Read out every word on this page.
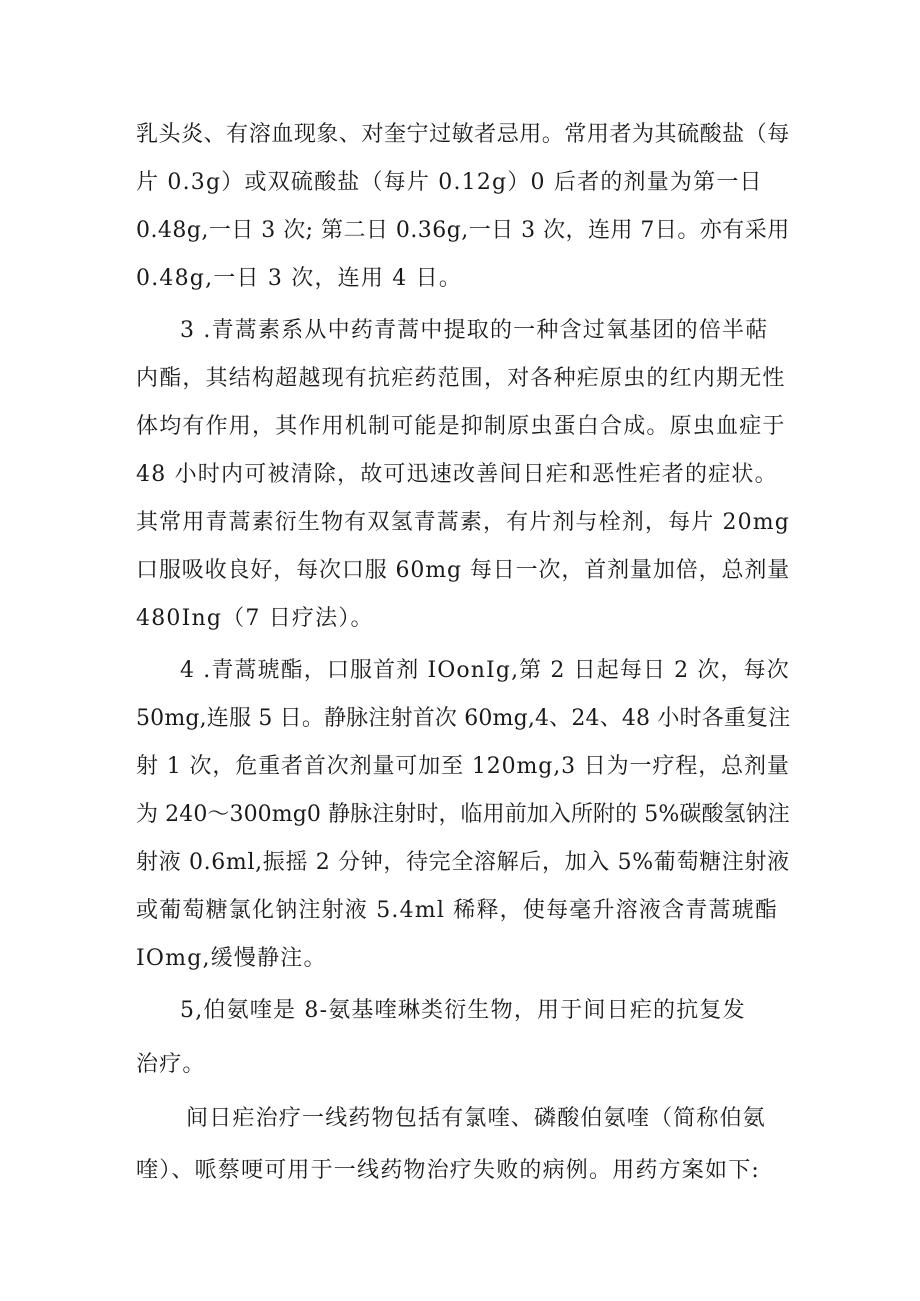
乳头炎、有溶血现象、对奎宁过敏者忌用。常用者为其硫酸盐（每
片 0.3g）或双硫酸盐（每片 0.12g）0 后者的剂量为第一日
0.48g,一日 3 次; 第二日 0.36g,一日 3 次，连用 7日。亦有采用
0.48g,一日 3 次，连用 4 日。
3 .青蒿素系从中药青蒿中提取的一种含过氧基团的倍半萜
内酯，其结构超越现有抗疟药范围，对各种疟原虫的红内期无性
体均有作用，其作用机制可能是抑制原虫蛋白合成。原虫血症于
48 小时内可被清除，故可迅速改善间日疟和恶性疟者的症状。
其常用青蒿素衍生物有双氢青蒿素，有片剂与栓剂，每片 20mg
口服吸收良好，每次口服 60mg 每日一次，首剂量加倍，总剂量
480Ing（7 日疗法）。
4 .青蒿琥酯，口服首剂 IOonIg,第 2 日起每日 2 次，每次
50mg,连服 5 日。静脉注射首次 60mg,4、24、48 小时各重复注
射 1 次，危重者首次剂量可加至 120mg,3 日为一疗程，总剂量
为 240～300mg0 静脉注射时，临用前加入所附的 5%碳酸氢钠注
射液 0.6ml,振摇 2 分钟，待完全溶解后，加入 5%葡萄糖注射液
或葡萄糖氯化钠注射液 5.4ml 稀释，使每毫升溶液含青蒿琥酯
IOmg,缓慢静注。
5,伯氨喹是 8-氨基喹琳类衍生物，用于间日疟的抗复发
治疗。
间日疟治疗一线药物包括有氯喹、磷酸伯氨喹（简称伯氨
喹）、哌蔡哽可用于一线药物治疗失败的病例。用药方案如下:
